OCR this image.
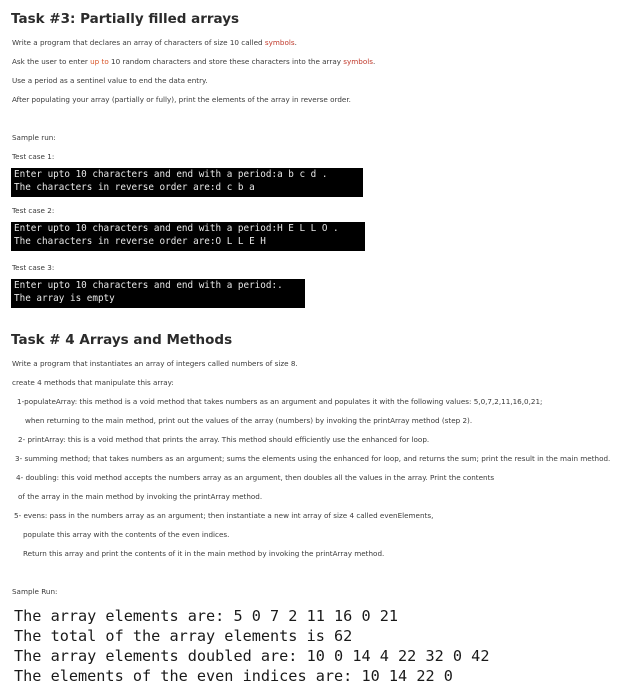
Task #3: Partially filled arrays
Write a program that declares an array of characters of size 10 called symbols.
Ask the user to enter up to 10 random characters and store these characters into the array symbols.
Use a period as a sentinel value to end the data entry.
After populating your array (partially or fully), print the elements of the array in reverse order.
Sample run:
Test case 1:
Enter upto 10 characters and end with a period:a b c d .
The characters in reverse order are:d c b a
Test case 2:
Enter upto 10 characters and end with a period:H E L L O .
The characters in reverse order are:O L L E H
Test case 3:
Enter upto 10 characters and end with a period:.
The array is empty
Task # 4 Arrays and Methods
Write a program that instantiates an array of integers called numbers of size 8.
create 4 methods that manipulate this array:
1-populateArray: this method is a void method that takes numbers as an argument and populates it with the following values: 5,0,7,2,11,16,0,21;
when returning to the main method, print out the values of the array (numbers) by invoking the printArray method (step 2).
2- printArray: this is a void method that prints the array. This method should efficiently use the enhanced for loop.
3- summing method; that takes numbers as an argument; sums the elements using the enhanced for loop, and returns the sum; print the result in the main method.
4- doubling: this void method accepts the numbers array as an argument, then doubles all the values in the array. Print the contents
of the array in the main method by invoking the printArray method.
5- evens: pass in the numbers array as an argument; then instantiate a new int array of size 4 called evenElements,
populate this array with the contents of the even indices.
Return this array and print the contents of it in the main method by invoking the printArray method.
Sample Run:
The array elements are: 5 0 7 2 11 16 0 21
The total of the array elements is 62
The array elements doubled are: 10 0 14 4 22 32 0 42
The elements of the even indices are: 10 14 22 0
